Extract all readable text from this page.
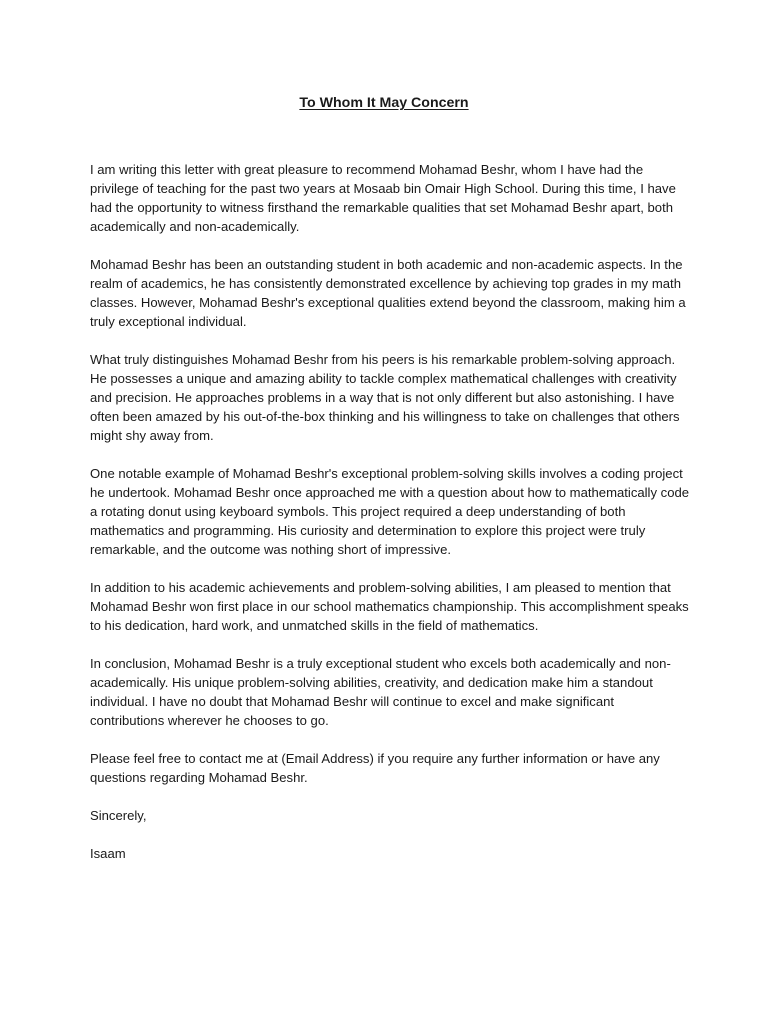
To Whom It May Concern

I am writing this letter with great pleasure to recommend Mohamad Beshr, whom I have had the privilege of teaching for the past two years at Mosaab bin Omair High School. During this time, I have had the opportunity to witness firsthand the remarkable qualities that set Mohamad Beshr apart, both academically and non-academically.

Mohamad Beshr has been an outstanding student in both academic and non-academic aspects. In the realm of academics, he has consistently demonstrated excellence by achieving top grades in my math classes. However, Mohamad Beshr's exceptional qualities extend beyond the classroom, making him a truly exceptional individual.

What truly distinguishes Mohamad Beshr from his peers is his remarkable problem-solving approach. He possesses a unique and amazing ability to tackle complex mathematical challenges with creativity and precision. He approaches problems in a way that is not only different but also astonishing. I have often been amazed by his out-of-the-box thinking and his willingness to take on challenges that others might shy away from.

One notable example of Mohamad Beshr's exceptional problem-solving skills involves a coding project he undertook. Mohamad Beshr once approached me with a question about how to mathematically code a rotating donut using keyboard symbols. This project required a deep understanding of both mathematics and programming. His curiosity and determination to explore this project were truly remarkable, and the outcome was nothing short of impressive.

In addition to his academic achievements and problem-solving abilities, I am pleased to mention that Mohamad Beshr won first place in our school mathematics championship. This accomplishment speaks to his dedication, hard work, and unmatched skills in the field of mathematics.

In conclusion, Mohamad Beshr is a truly exceptional student who excels both academically and non-academically. His unique problem-solving abilities, creativity, and dedication make him a standout individual. I have no doubt that Mohamad Beshr will continue to excel and make significant contributions wherever he chooses to go.

Please feel free to contact me at (Email Address) if you require any further information or have any questions regarding Mohamad Beshr.

Sincerely,

Isaam
